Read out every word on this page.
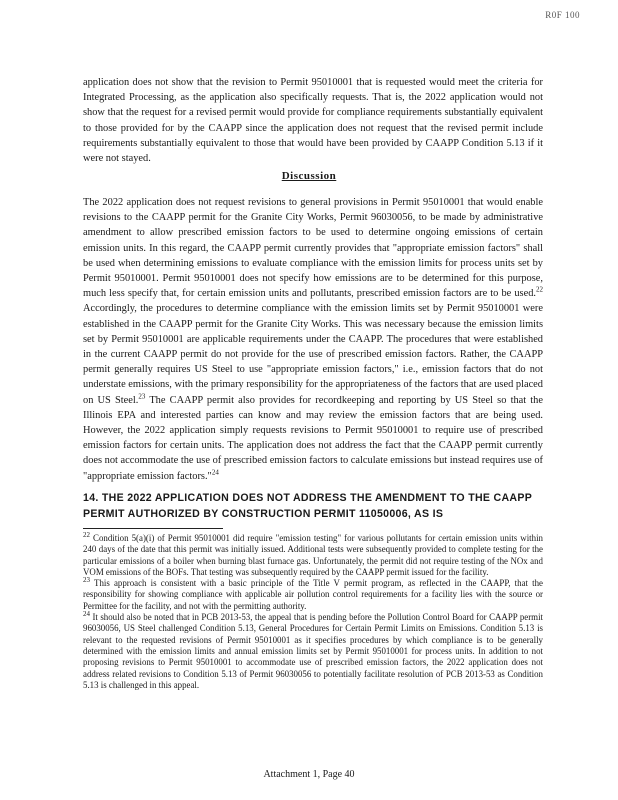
R0F 100

application does not show that the revision to Permit 95010001 that is requested would meet the criteria for Integrated Processing, as the application also specifically requests. That is, the 2022 application would not show that the request for a revised permit would provide for compliance requirements substantially equivalent to those provided for by the CAAPP since the application does not request that the revised permit include requirements substantially equivalent to those that would have been provided by CAAPP Condition 5.13 if it were not stayed.

Discussion

The 2022 application does not request revisions to general provisions in Permit 95010001 that would enable revisions to the CAAPP permit for the Granite City Works, Permit 96030056, to be made by administrative amendment to allow prescribed emission factors to be used to determine ongoing emissions of certain emission units. In this regard, the CAAPP permit currently provides that "appropriate emission factors" shall be used when determining emissions to evaluate compliance with the emission limits for process units set by Permit 95010001. Permit 95010001 does not specify how emissions are to be determined for this purpose, much less specify that, for certain emission units and pollutants, prescribed emission factors are to be used.$^{22}$ Accordingly, the procedures to determine compliance with the emission limits set by Permit 95010001 were established in the CAAPP permit for the Granite City Works. This was necessary because the emission limits set by Permit 95010001 are applicable requirements under the CAAPP. The procedures that were established in the current CAAPP permit do not provide for the use of prescribed emission factors. Rather, the CAAPP permit generally requires US Steel to use "appropriate emission factors," i.e., emission factors that do not understate emissions, with the primary responsibility for the appropriateness of the factors that are used placed on US Steel.$^{23}$ The CAAPP permit also provides for recordkeeping and reporting by US Steel so that the Illinois EPA and interested parties can know and may review the emission factors that are being used. However, the 2022 application simply requests revisions to Permit 95010001 to require use of prescribed emission factors for certain units. The application does not address the fact that the CAAPP permit currently does not accommodate the use of prescribed emission factors to calculate emissions but instead requires use of "appropriate emission factors."$^{24}$

14. THE 2022 APPLICATION DOES NOT ADDRESS THE AMENDMENT TO THE CAAPP PERMIT AUTHORIZED BY CONSTRUCTION PERMIT 11050006, AS IS

$^{22}$ Condition 5(a)(i) of Permit 95010001 did require "emission testing" for various pollutants for certain emission units within 240 days of the date that this permit was initially issued. Additional tests were subsequently provided to complete testing for the particular emissions of a boiler when burning blast furnace gas. Unfortunately, the permit did not require testing of the NOx and VOM emissions of the BOFs. That testing was subsequently required by the CAAPP permit issued for the facility.

$^{23}$ This approach is consistent with a basic principle of the Title V permit program, as reflected in the CAAPP, that the responsibility for showing compliance with applicable air pollution control requirements for a facility lies with the source or Permittee for the facility, and not with the permitting authority.

$^{24}$ It should also be noted that in PCB 2013-53, the appeal that is pending before the Pollution Control Board for CAAPP permit 96030056, US Steel challenged Condition 5.13, General Procedures for Certain Permit Limits on Emissions. Condition 5.13 is relevant to the requested revisions of Permit 95010001 as it specifies procedures by which compliance is to be generally determined with the emission limits and annual emission limits set by Permit 95010001 for process units. In addition to not proposing revisions to Permit 95010001 to accommodate use of prescribed emission factors, the 2022 application does not address related revisions to Condition 5.13 of Permit 96030056 to potentially facilitate resolution of PCB 2013-53 as Condition 5.13 is challenged in this appeal.

Attachment 1, Page 40
